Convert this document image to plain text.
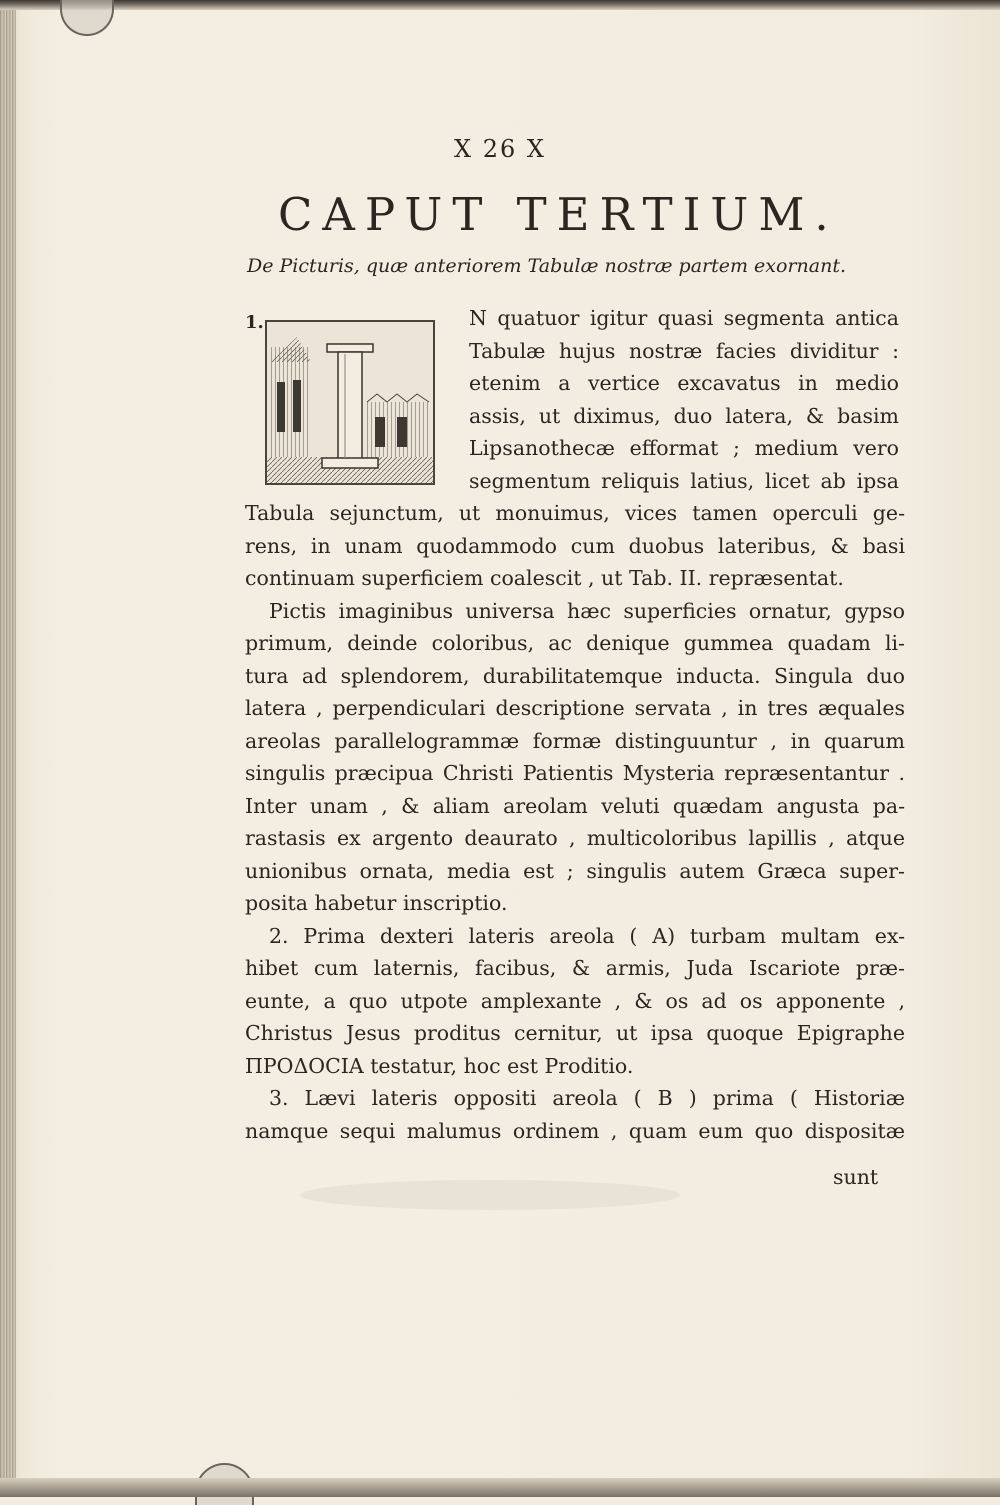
X 26 X
CAPUT TERTIUM.
De Picturis, quæ anteriorem Tabulæ nostræ partem exornant.
1.	N quatuor igitur quasi segmenta antica
Tabulæ hujus nostræ facies dividitur :
etenim a vertice excavatus in medio
assis, ut diximus, duo latera, & basim
Lipsanothecæ efformat ; medium vero
segmentum reliquis latius, licet ab ipsa
Tabula sejunctum, ut monuimus, vices tamen operculi ge-
rens, in unam quodammodo cum duobus lateribus, & basi
continuam superficiem coalescit , ut Tab. II. repræsentat.
Pictis imaginibus universa hæc superficies ornatur, gypso
primum, deinde coloribus, ac denique gummea quadam li-
tura ad splendorem, durabilitatemque inducta. Singula duo
latera , perpendiculari descriptione servata , in tres æquales
areolas parallelogrammæ formæ distinguuntur , in quarum
singulis præcipua Christi Patientis Mysteria repræsentantur .
Inter unam , & aliam areolam veluti quædam angusta pa-
rastasis ex argento deaurato , multicoloribus lapillis , atque
unionibus ornata, media est ; singulis autem Græca super-
posita habetur inscriptio.
2. Prima dexteri lateris areola ( A) turbam multam ex-
hibet cum laternis, facibus, & armis, Juda Iscariote præ-
eunte, a quo utpote amplexante , & os ad os apponente ,
Christus Jesus proditus cernitur, ut ipsa quoque Epigraphe
ΠΡΟΔΟϹΙΑ testatur, hoc est Proditio.
3. Lævi lateris oppositi areola ( B ) prima ( Historiæ
namque sequi malumus ordinem , quam eum quo dispositæ
sunt
